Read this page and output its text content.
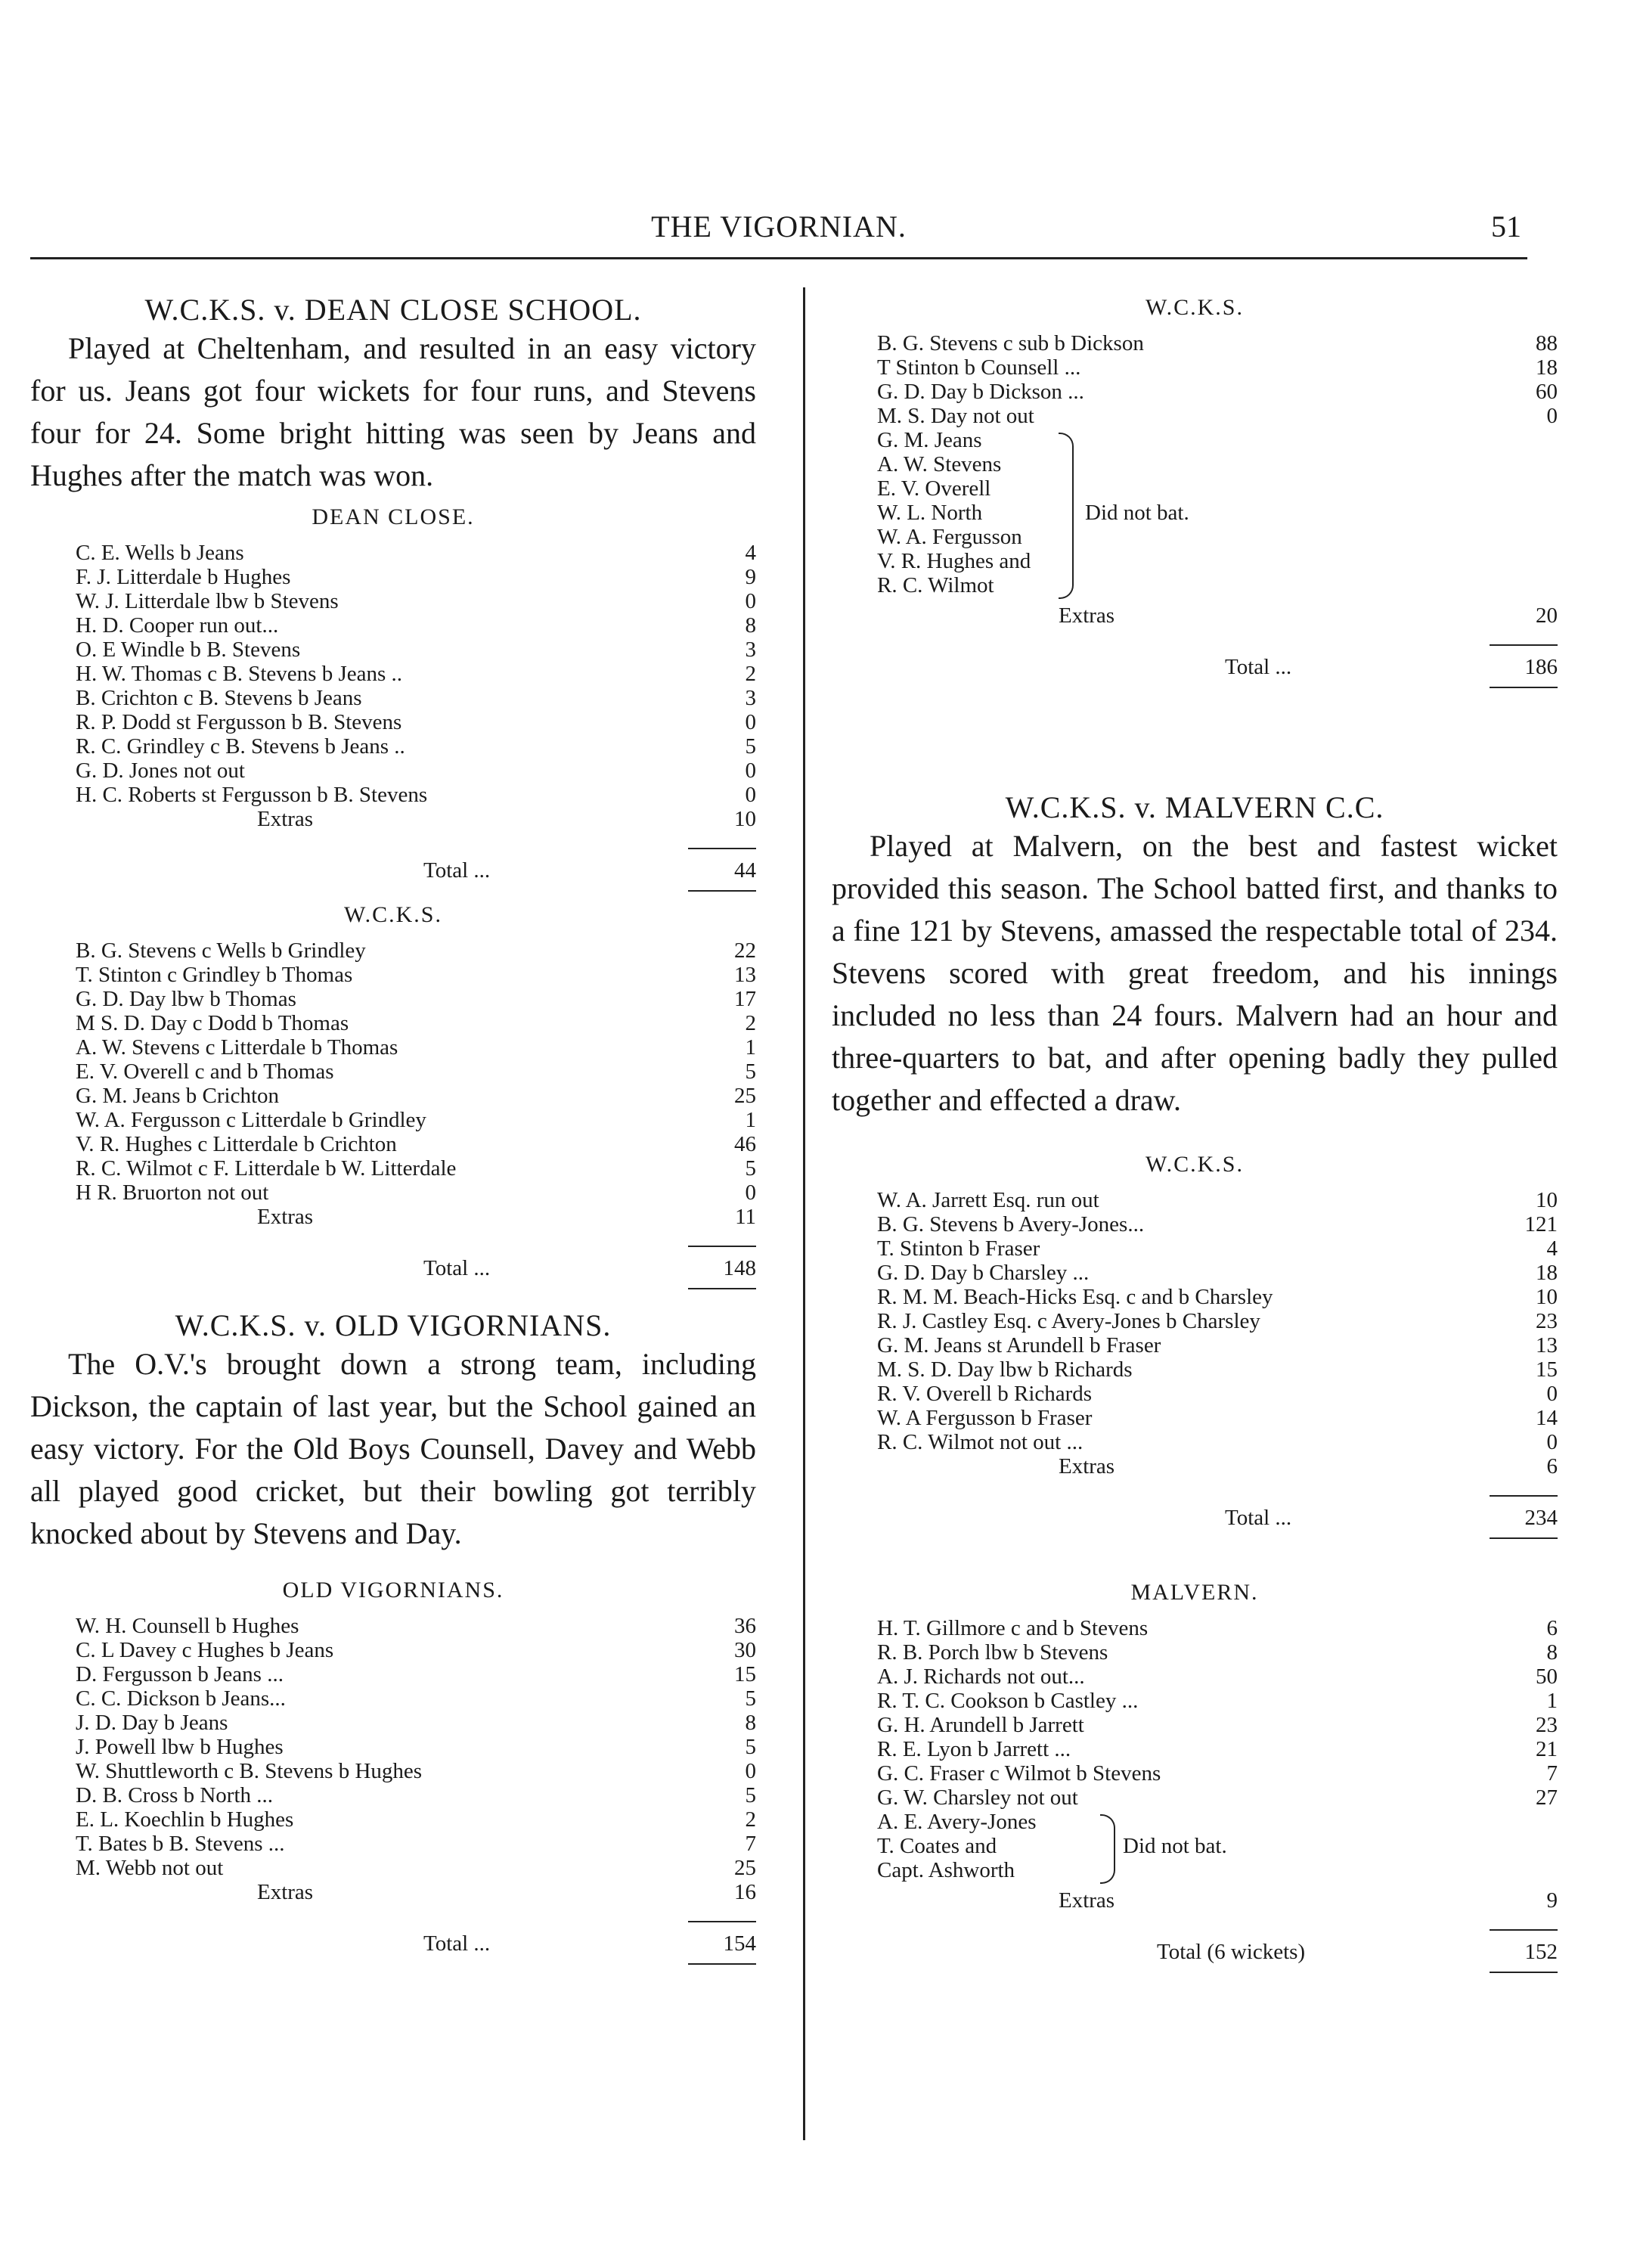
THE VIGORNIAN.	51
W.C.K.S. v. DEAN CLOSE SCHOOL.

Played at Cheltenham, and resulted in an easy victory for us. Jeans got four wickets for four runs, and Stevens four for 24. Some bright hitting was seen by Jeans and Hughes after the match was won.

DEAN CLOSE.
C. E. Wells b Jeans	4
F. J. Litterdale b Hughes	9
W. J. Litterdale lbw b Stevens	0
H. D. Cooper run out...	8
O. E Windle b B. Stevens	3
H. W. Thomas c B. Stevens b Jeans ..	2
B. Crichton c B. Stevens b Jeans	3
R. P. Dodd st Fergusson b B. Stevens	0
R. C. Grindley c B. Stevens b Jeans ..	5
G. D. Jones not out	0
H. C. Roberts st Fergusson b B. Stevens	0
Extras	10
Total ...	44
W.C.K.S.
B. G. Stevens c Wells b Grindley	22
T. Stinton c Grindley b Thomas	13
G. D. Day lbw b Thomas	17
M S. D. Day c Dodd b Thomas	2
A. W. Stevens c Litterdale b Thomas	1
E. V. Overell c and b Thomas	5
G. M. Jeans b Crichton	25
W. A. Fergusson c Litterdale b Grindley	1
V. R. Hughes c Litterdale b Crichton	46
R. C. Wilmot c F. Litterdale b W. Litterdale	5
H R. Bruorton not out	0
Extras	11
Total ...	148
W.C.K.S. v. OLD VIGORNIANS.

The O.V.'s brought down a strong team, including Dickson, the captain of last year, but the School gained an easy victory. For the Old Boys Counsell, Davey and Webb all played good cricket, but their bowling got terribly knocked about by Stevens and Day.

OLD VIGORNIANS.
W. H. Counsell b Hughes	36
C. L Davey c Hughes b Jeans	30
D. Fergusson b Jeans ...	15
C. C. Dickson b Jeans...	5
J. D. Day b Jeans	8
J. Powell lbw b Hughes	5
W. Shuttleworth c B. Stevens b Hughes	0
D. B. Cross b North ...	5
E. L. Koechlin b Hughes	2
T. Bates b B. Stevens ...	7
M. Webb not out	25
Extras	16
Total ...	154
W.C.K.S.
B. G. Stevens c sub b Dickson	88
T Stinton b Counsell ...	18
G. D. Day b Dickson ...	60
M. S. Day not out	0
G. M. Jeans
A. W. Stevens
E. V. Overell
W. L. North
W. A. Fergusson
V. R. Hughes and
R. C. Wilmot
Did not bat.
Extras	20
Total ...	186
W.C.K.S. v. MALVERN C.C.

Played at Malvern, on the best and fastest wicket provided this season. The School batted first, and thanks to a fine 121 by Stevens, amassed the respectable total of 234. Stevens scored with great freedom, and his innings included no less than 24 fours. Malvern had an hour and three-quarters to bat, and after opening badly they pulled together and effected a draw.

W.C.K.S.
W. A. Jarrett Esq. run out	10
B. G. Stevens b Avery-Jones...	121
T. Stinton b Fraser	4
G. D. Day b Charsley ...	18
R. M. M. Beach-Hicks Esq. c and b Charsley	10
R. J. Castley Esq. c Avery-Jones b Charsley	23
G. M. Jeans st Arundell b Fraser	13
M. S. D. Day lbw b Richards	15
R. V. Overell b Richards	0
W. A Fergusson b Fraser	14
R. C. Wilmot not out ...	0
Extras	6
Total ...	234
MALVERN.
H. T. Gillmore c and b Stevens	6
R. B. Porch lbw b Stevens	8
A. J. Richards not out...	50
R. T. C. Cookson b Castley ...	1
G. H. Arundell b Jarrett	23
R. E. Lyon b Jarrett ...	21
G. C. Fraser c Wilmot b Stevens	7
G. W. Charsley not out	27
A. E. Avery-Jones
T. Coates and
Capt. Ashworth
Did not bat.
Extras	9
Total (6 wickets)	152
